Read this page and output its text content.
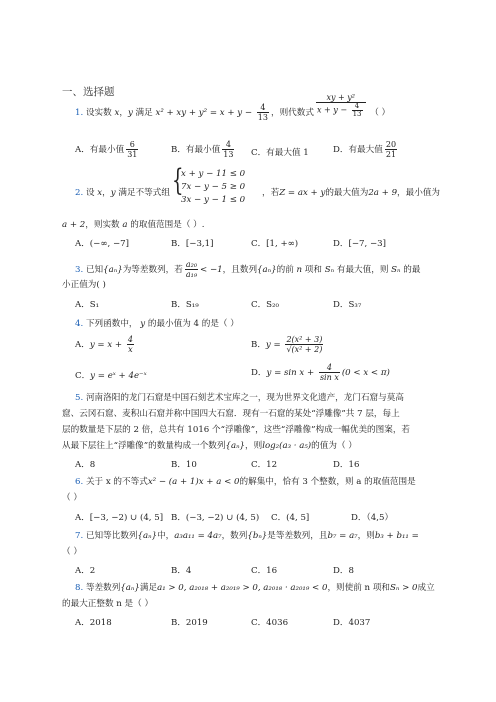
一、选择题
1. 设实数 x，y 满足 x² + xy + $y^2 = x + y - \frac{4}{13}$ ，则代数式 $\frac{\text{xy + y²}}{x + y - \frac{4}{13}}$ （ ）
A．有最小值 $\frac{6}{31}$	B．有最小值 $\frac{4}{13}$ C．有最大值 1	D．有最大值 $\frac{20}{21}$
2. 设 x，y 满足不等式组 {
x + y − 11 ≤ 0
7x − y − 5 ≥ 0
3x − y − 1 ≤ 0
，若Z = ax + y的最大值为2a + 9，最小值为
a + 2，则实数 a 的取值范围是（ ）.
A．(−∞, −7]	B．[−3,1]	C．[1, +∞)	D．[−7, −3]
3. 已知{aₙ}为等差数列，若 $\frac{\text{a₂₀}}{\text{a₁₉}} < -1$，且数列{aₙ}的前 n 项和 Sₙ 有最大值，则 Sₙ 的最
小正值为( )
A．S₁	B．S₁₉	C．S₂₀	D．S₃₇
4. 下列函数中， y 的最小值为 4 的是（ ）
A．$y = x + \frac{4}{x}$	B．$y = \frac{\text{2(x² + 3)}}{\text{√(x² + 2)}}$
C．y = eˣ + 4e⁻ˣ	D．$y = \sin x + \frac{4}{\text{sin x}} (0 < x < \pi)$
5. 河南洛阳的龙门石窟是中国石刻艺术宝库之一，现为世界文化遗产，龙门石窟与莫高
窟、云冈石窟、麦积山石窟并称中国四大石窟．现有一石窟的某处“浮雕像”共 7 层，每上
层的数量是下层的 2 倍，总共有 1016 个“浮雕像”，这些“浮雕像”构成一幅优美的图案，若
从最下层往上“浮雕像”的数量构成一个数列{aₙ}，则log₂(a₃ · a₅)的值为（ ）
A．8	B．10	C．12	D．16
6. 关于 x 的不等式x² − (a + 1)x + a < 0的解集中，恰有 3 个整数，则 a 的取值范围是
（ ）
A．[−3, −2) ∪ (4, 5] B．(−3, −2) ∪ (4, 5) C．(4, 5]	D．（4,5）
7. 已知等比数列{aₙ}中，a₃a₁₁ = 4a₇，数列{bₙ}是等差数列，且b₇ = a₇，则b₃ + b₁₁ =
（ ）
A．2	B．4	C．16	D．8
8. 等差数列{aₙ}满足a₁ > 0, a₂₀₁₈ + a₂₀₁₉ > 0, a₂₀₁₈ · a₂₀₁₉ < 0，则使前 n 项和Sₙ > 0成立
的最大正整数 n 是（ ）
A．2018	B．2019	C．4036	D．4037
